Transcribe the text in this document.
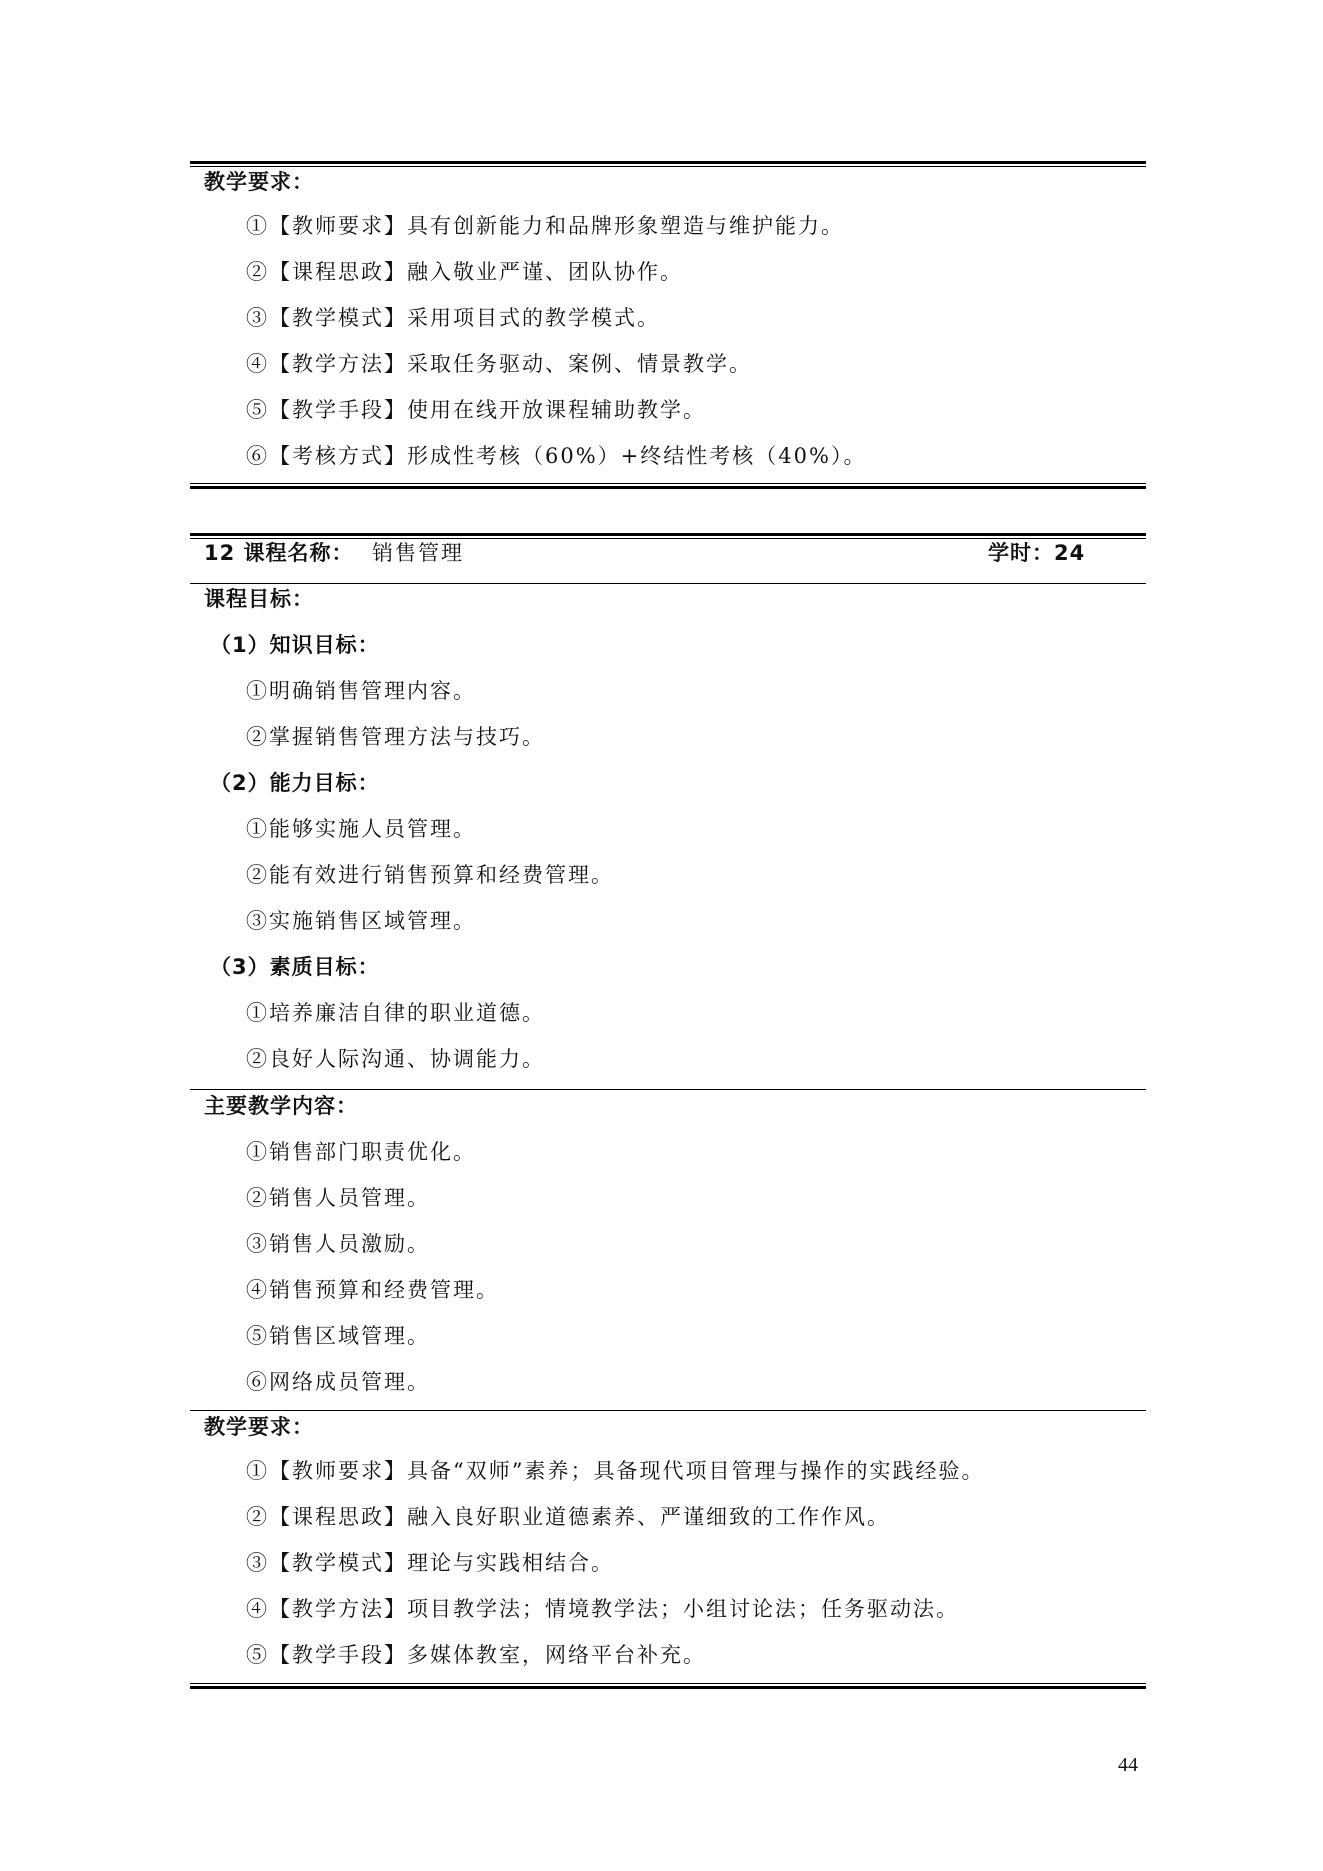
教学要求：
①【教师要求】具有创新能力和品牌形象塑造与维护能力。
②【课程思政】融入敬业严谨、团队协作。
③【教学模式】采用项目式的教学模式。
④【教学方法】采取任务驱动、案例、情景教学。
⑤【教学手段】使用在线开放课程辅助教学。
⑥【考核方式】形成性考核（60%）+终结性考核（40%）。
12 课程名称： 销售管理	学时：24
课程目标：
（1）知识目标：
①明确销售管理内容。
②掌握销售管理方法与技巧。
（2）能力目标：
①能够实施人员管理。
②能有效进行销售预算和经费管理。
③实施销售区域管理。
（3）素质目标：
①培养廉洁自律的职业道德。
②良好人际沟通、协调能力。
主要教学内容：
①销售部门职责优化。
②销售人员管理。
③销售人员激励。
④销售预算和经费管理。
⑤销售区域管理。
⑥网络成员管理。
教学要求：
①【教师要求】具备“双师”素养；具备现代项目管理与操作的实践经验。
②【课程思政】融入良好职业道德素养、严谨细致的工作作风。
③【教学模式】理论与实践相结合。
④【教学方法】项目教学法；情境教学法；小组讨论法；任务驱动法。
⑤【教学手段】多媒体教室，网络平台补充。
44
